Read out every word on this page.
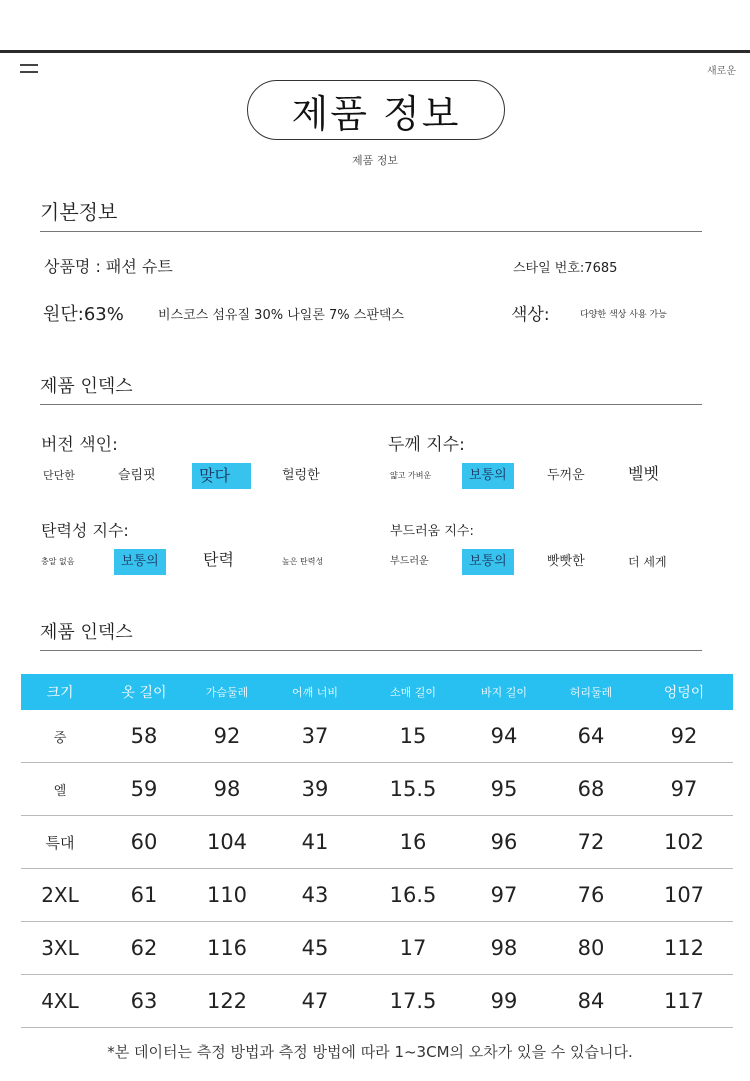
새로운
제품 정보
제품 정보
기본정보
상품명 : 패션 슈트	스타일 번호:7685
원단:63%	비스코스 섬유질 30% 나일론 7% 스판덱스	색상:	다양한 색상 사용 가능
제품 인덱스
버전 색인:
단단한	슬림핏	맞다	헐렁한
두께 지수:
얇고 가벼운	보통의	두꺼운	벨벳
탄력성 지수:
충알 없음	보통의	탄력	높은 탄력성
부드러움 지수:
부드러운	보통의	빳빳한	더 세게
제품 인덱스
크기	옷 길이	가슴둘레	어깨 너비	소매 길이	바지 길이	허리둘레	엉덩이
중	58	92	37	15	94	64	92
엘	59	98	39	15.5	95	68	97
특대	60	104	41	16	96	72	102
2XL	61	110	43	16.5	97	76	107
3XL	62	116	45	17	98	80	112
4XL	63	122	47	17.5	99	84	117
*본 데이터는 측정 방법과 측정 방법에 따라 1~3CM의 오차가 있을 수 있습니다.
